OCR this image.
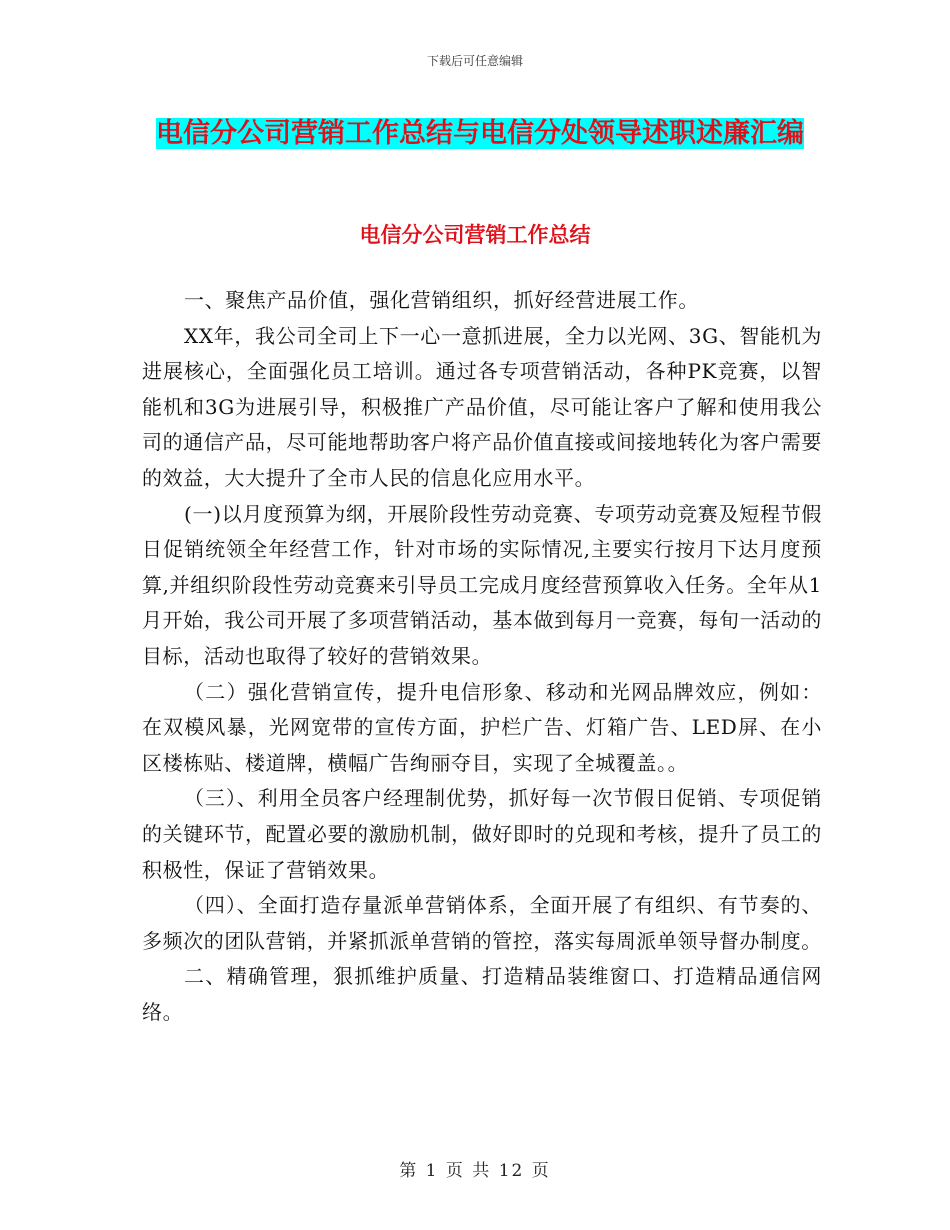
下载后可任意编辑
电信分公司营销工作总结与电信分处领导述职述廉汇编
电信分公司营销工作总结

一、聚焦产品价值，强化营销组织，抓好经营进展工作。

XX年，我公司全司上下一心一意抓进展，全力以光网、3G、智能机为进展核心，全面强化员工培训。通过各专项营销活动，各种PK竞赛，以智能机和3G为进展引导，积极推广产品价值，尽可能让客户了解和使用我公司的通信产品，尽可能地帮助客户将产品价值直接或间接地转化为客户需要的效益，大大提升了全市人民的信息化应用水平。

(一)以月度预算为纲，开展阶段性劳动竞赛、专项劳动竞赛及短程节假日促销统领全年经营工作，针对市场的实际情况,主要实行按月下达月度预算,并组织阶段性劳动竞赛来引导员工完成月度经营预算收入任务。全年从1月开始，我公司开展了多项营销活动，基本做到每月一竞赛，每旬一活动的目标，活动也取得了较好的营销效果。

（二）强化营销宣传，提升电信形象、移动和光网品牌效应，例如：在双模风暴，光网宽带的宣传方面，护栏广告、灯箱广告、LED屏、在小区楼栋贴、楼道牌，横幅广告绚丽夺目，实现了全城覆盖。。

（三）、利用全员客户经理制优势，抓好每一次节假日促销、专项促销的关键环节，配置必要的激励机制，做好即时的兑现和考核，提升了员工的积极性，保证了营销效果。

（四）、全面打造存量派单营销体系，全面开展了有组织、有节奏的、多频次的团队营销，并紧抓派单营销的管控，落实每周派单领导督办制度。

二、精确管理，狠抓维护质量、打造精品装维窗口、打造精品通信网络。

第 1 页 共 12 页
